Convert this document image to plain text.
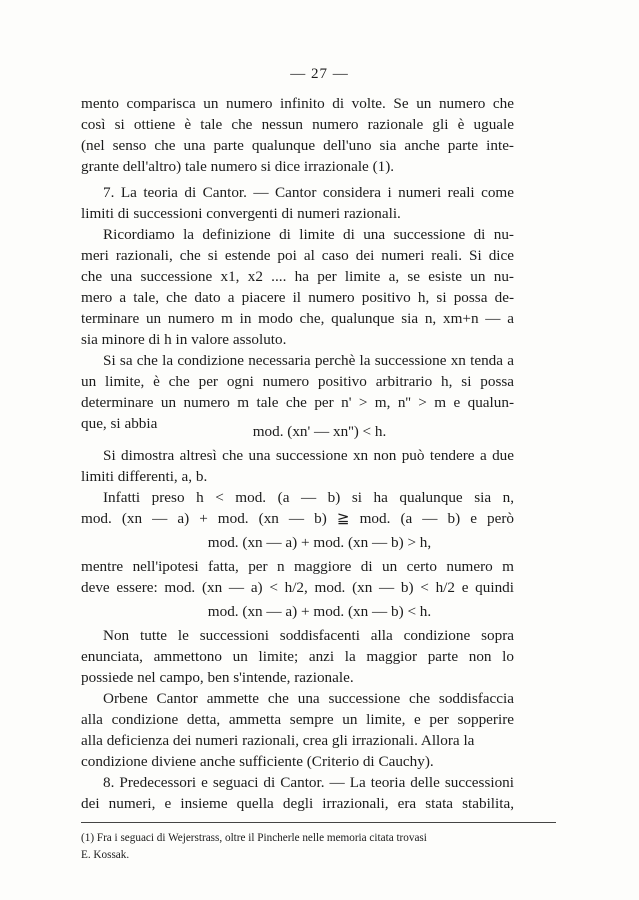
— 27 —
mento comparisca un numero infinito di volte. Se un numero che
così si ottiene è tale che nessun numero razionale gli è uguale
(nel senso che una parte qualunque dell'uno sia anche parte inte-
grante dell'altro) tale numero si dice irrazionale (1).
7. La teoria di Cantor. — Cantor considera i numeri reali come
limiti di successioni convergenti di numeri razionali.
Ricordiamo la definizione di limite di una successione di nu-
meri razionali, che si estende poi al caso dei numeri reali. Si dice
che una successione x1, x2 .... ha per limite a, se esiste un nu-
mero a tale, che dato a piacere il numero positivo h, si possa de-
terminare un numero m in modo che, qualunque sia n, xm+n — a
sia minore di h in valore assoluto.
Si sa che la condizione necessaria perchè la successione xn tenda a
un limite, è che per ogni numero positivo arbitrario h, si possa
determinare un numero m tale che per n' > m, n'' > m e qualun-
que, si abbia	mod. (xn' — xn'') < h.
Si dimostra altresì che una successione xn non può tendere a due
limiti differenti, a, b.
Infatti preso h < mod. (a — b) si ha qualunque sia n,
mod. (xn — a) + mod. (xn — b) ≧ mod. (a — b) e però
mod. (xn — a) + mod. (xn — b) > h,
mentre nell'ipotesi fatta, per n maggiore di un certo numero m
deve essere: mod. (xn — a) < h/2, mod. (xn — b) < h/2 e quindi
mod. (xn — a) + mod. (xn — b) < h.
Non tutte le successioni soddisfacenti alla condizione sopra
enunciata, ammettono un limite; anzi la maggior parte non lo
possiede nel campo, ben s'intende, razionale.
Orbene Cantor ammette che una successione che soddisfaccia
alla condizione detta, ammetta sempre un limite, e per sopperire
alla deficienza dei numeri razionali, crea gli irrazionali. Allora la
(1) Fra i seguaci di Wejerstrass, oltre il Pincherle nelle memoria citata trovasi
E. Kossak.
condizione diviene anche sufficiente (Criterio di Cauchy).
8. Predecessori e seguaci di Cantor. — La teoria delle successioni
dei numeri, e insieme quella degli irrazionali, era stata stabilita,
